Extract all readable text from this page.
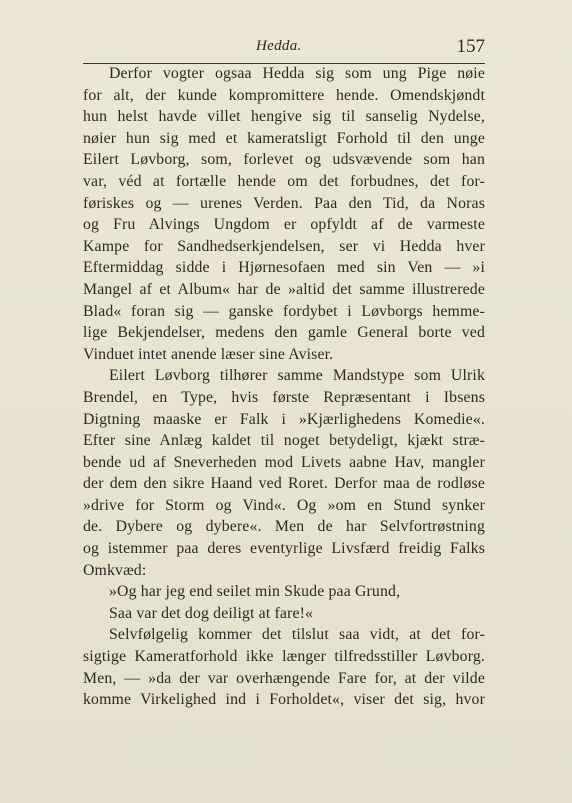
Hedda.	157
Derfor vogter ogsaa Hedda sig som ung Pige nøie
for alt, der kunde kompromittere hende. Omendskjøndt
hun helst havde villet hengive sig til sanselig Nydelse,
nøier hun sig med et kameratsligt Forhold til den unge
Eilert Løvborg, som, forlevet og udsvævende som han
var, véd at fortælle hende om det forbudnes, det for-
føriskes og — urenes Verden. Paa den Tid, da Noras
og Fru Alvings Ungdom er opfyldt af de varmeste
Kampe for Sandhedserkjendelsen, ser vi Hedda hver
Eftermiddag sidde i Hjørnesofaen med sin Ven — »i
Mangel af et Album« har de »altid det samme illustrerede
Blad« foran sig — ganske fordybet i Løvborgs hemme-
lige Bekjendelser, medens den gamle General borte ved
Vinduet intet anende læser sine Aviser.
Eilert Løvborg tilhører samme Mandstype som Ulrik
Brendel, en Type, hvis første Repræsentant i Ibsens
Digtning maaske er Falk i »Kjærlighedens Komedie«.
Efter sine Anlæg kaldet til noget betydeligt, kjækt stræ-
bende ud af Sneverheden mod Livets aabne Hav, mangler
der dem den sikre Haand ved Roret. Derfor maa de rodløse
»drive for Storm og Vind«. Og »om en Stund synker
de. Dybere og dybere«. Men de har Selvfortrøstning
og istemmer paa deres eventyrlige Livsfærd freidig Falks
Omkvæd:
»Og har jeg end seilet min Skude paa Grund,
Saa var det dog deiligt at fare!«
Selvfølgelig kommer det tilslut saa vidt, at det for-
sigtige Kameratforhold ikke længer tilfredsstiller Løvborg.
Men, — »da der var overhængende Fare for, at der vilde
komme Virkelighed ind i Forholdet«, viser det sig, hvor
